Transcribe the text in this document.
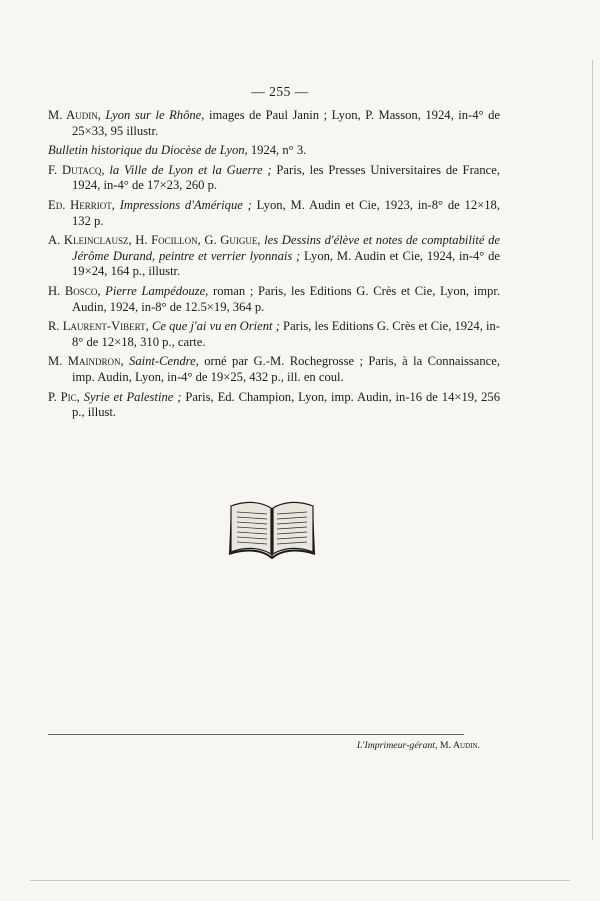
— 255 —

M. Audin, Lyon sur le Rhône, images de Paul Janin ; Lyon, P. Masson, 1924, in-4° de 25×33, 95 illustr.

Bulletin historique du Diocèse de Lyon, 1924, n° 3.

F. Dutacq, la Ville de Lyon et la Guerre ; Paris, les Presses Universitaires de France, 1924, in-4° de 17×23, 260 p.

Ed. Herriot, Impressions d'Amérique ; Lyon, M. Audin et Cie, 1923, in-8° de 12×18, 132 p.

A. Kleinclausz, H. Focillon, G. Guigue, les Dessins d'élève et notes de comptabilité de Jérôme Durand, peintre et verrier lyonnais ; Lyon, M. Audin et Cie, 1924, in-4° de 19×24, 164 p., illustr.

H. Bosco, Pierre Lampédouze, roman ; Paris, les Editions G. Crès et Cie, Lyon, impr. Audin, 1924, in-8° de 12.5×19, 364 p.

R. Laurent-Vibert, Ce que j'ai vu en Orient ; Paris, les Editions G. Crès et Cie, 1924, in-8° de 12×18, 310 p., carte.

M. Maindron, Saint-Cendre, orné par G.-M. Rochegrosse ; Paris, à la Connaissance, imp. Audin, Lyon, in-4° de 19×25, 432 p., ill. en coul.

P. Pic, Syrie et Palestine ; Paris, Ed. Champion, Lyon, imp. Audin, in-16 de 14×19, 256 p., illust.

L'Imprimeur-gérant, M. Audin.
